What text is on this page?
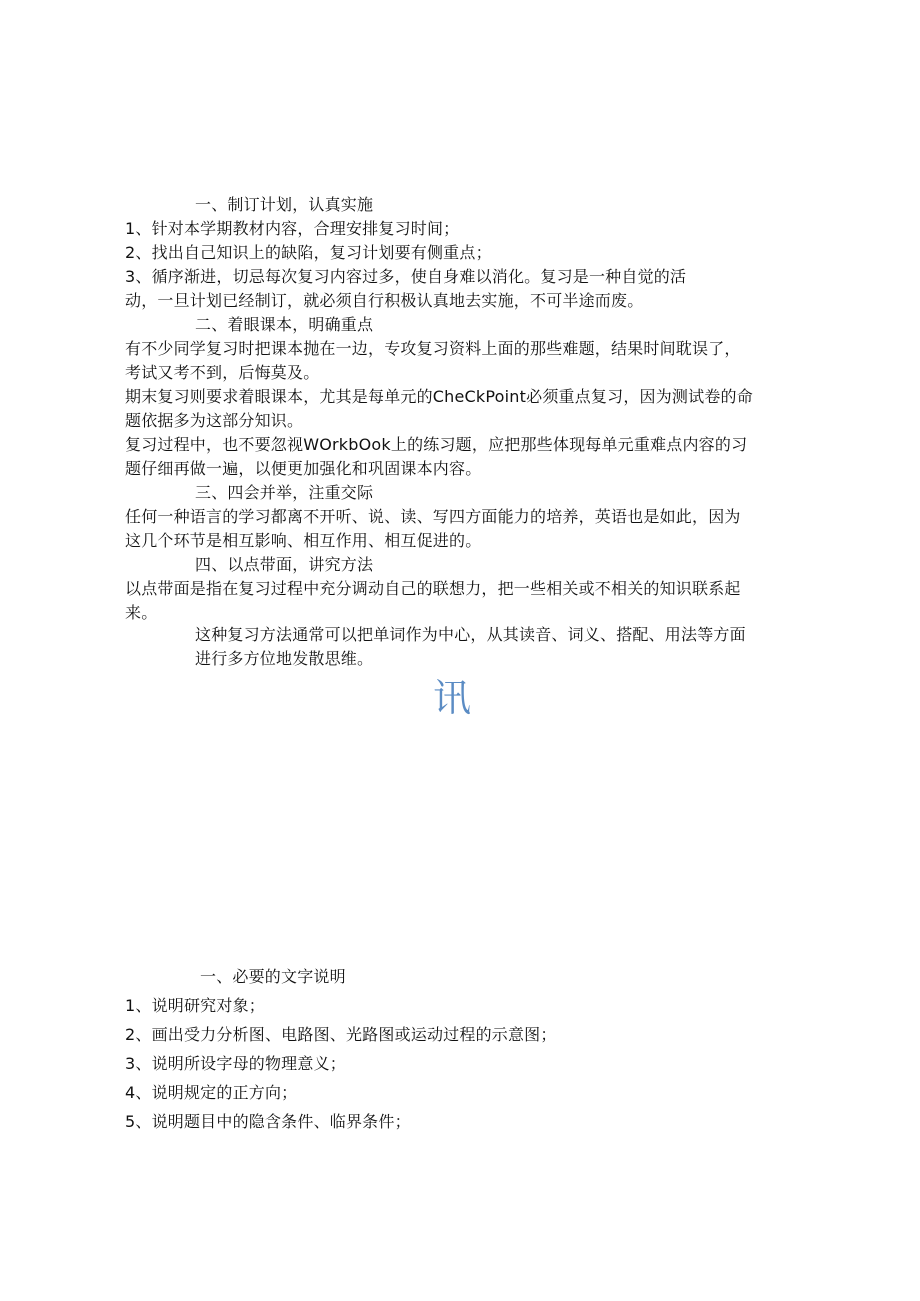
一、制订计划，认真实施
1、针对本学期教材内容，合理安排复习时间；
2、找出自己知识上的缺陷，复习计划要有侧重点；
3、循序渐进，切忌每次复习内容过多，使自身难以消化。复习是一种自觉的活
动，一旦计划已经制订，就必须自行积极认真地去实施，不可半途而废。
二、着眼课本，明确重点
有不少同学复习时把课本抛在一边，专攻复习资料上面的那些难题，结果时间耽误了，
考试又考不到，后悔莫及。
期末复习则要求着眼课本，尤其是每单元的CheCkPoint必须重点复习，因为测试卷的命
题依据多为这部分知识。
复习过程中，也不要忽视WOrkbOok上的练习题，应把那些体现每单元重难点内容的习
题仔细再做一遍，以便更加强化和巩固课本内容。
三、四会并举，注重交际
任何一种语言的学习都离不开听、说、读、写四方面能力的培养，英语也是如此，因为
这几个环节是相互影响、相互作用、相互促进的。
四、以点带面，讲究方法
以点带面是指在复习过程中充分调动自己的联想力，把一些相关或不相关的知识联系起
来。
这种复习方法通常可以把单词作为中心，从其读音、词义、搭配、用法等方面
进行多方位地发散思维。
讯
一、必要的文字说明
1、说明研究对象；
2、画出受力分析图、电路图、光路图或运动过程的示意图；
3、说明所设字母的物理意义；
4、说明规定的正方向；
5、说明题目中的隐含条件、临界条件；
